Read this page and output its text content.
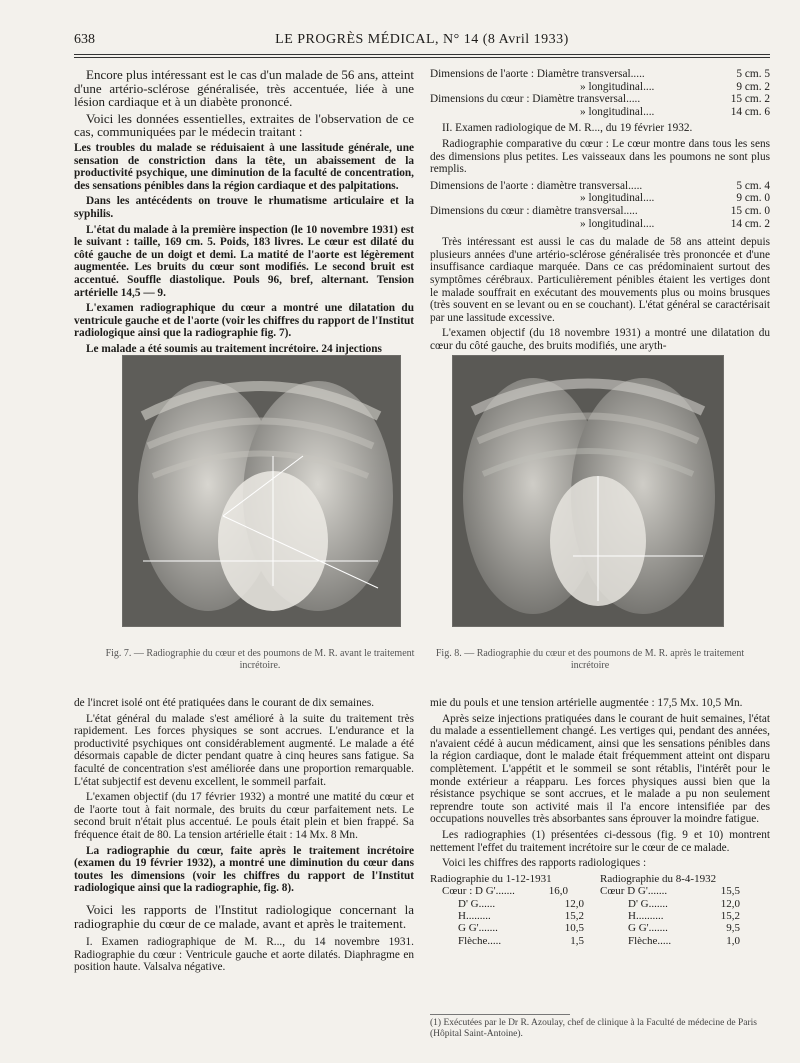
638	LE PROGRÈS MÉDICAL, N° 14 (8 Avril 1933)

Encore plus intéressant est le cas d'un malade de 56 ans, atteint d'une artério-sclérose généralisée, très accentuée, liée à une lésion cardiaque et à un diabète prononcé.

Voici les données essentielles, extraites de l'observation de ce cas, communiquées par le médecin traitant :

Les troubles du malade se réduisaient à une lassitude générale, une sensation de constriction dans la tête, un abaissement de la productivité psychique, une diminution de la faculté de concentration, des sensations pénibles dans la région cardiaque et des palpitations.

Dans les antécédents on trouve le rhumatisme articulaire et la syphilis.

L'état du malade à la première inspection (le 10 novembre 1931) est le suivant : taille, 169 cm. 5. Poids, 183 livres. Le cœur est dilaté du côté gauche de un doigt et demi. La matité de l'aorte est légèrement augmentée. Les bruits du cœur sont modifiés. Le second bruit est accentué. Souffle diastolique. Pouls 96, bref, alternant. Tension artérielle 14,5 — 9.

L'examen radiographique du cœur a montré une dilatation du ventricule gauche et de l'aorte (voir les chiffres du rapport de l'Institut radiologique ainsi que la radiographie fig. 7).

Le malade a été soumis au traitement incrétoire. 24 injections

Dimensions de l'aorte : Diamètre transversal.....	5 cm. 5
» longitudinal....	9 cm. 2
Dimensions du cœur : Diamètre transversal.....	15 cm. 2
» longitudinal....	14 cm. 6

II. Examen radiologique de M. R..., du 19 février 1932.

Radiographie comparative du cœur : Le cœur montre dans tous les sens des dimensions plus petites. Les vaisseaux dans les poumons ne sont plus remplis.

Dimensions de l'aorte : diamètre transversal.....	5 cm. 4
» longitudinal....	9 cm. 0
Dimensions du cœur : diamètre transversal.....	15 cm. 0
» longitudinal....	14 cm. 2

Très intéressant est aussi le cas du malade de 58 ans atteint depuis plusieurs années d'une artério-sclérose généralisée très prononcée et d'une insuffisance cardiaque marquée. Dans ce cas prédominaient surtout des symptômes cérébraux. Particulièrement pénibles étaient les vertiges dont le malade souffrait en exécutant des mouvements plus ou moins brusques (très souvent en se levant ou en se couchant). L'état général se caractérisait par une lassitude excessive.

L'examen objectif (du 18 novembre 1931) a montré une dilatation du cœur du côté gauche, des bruits modifiés, une aryth-

Fig. 7. — Radiographie du cœur et des poumons de M. R. avant le traitement incrétoire.
Fig. 8. — Radiographie du cœur et des poumons de M. R. après le traitement incrétoire

de l'incret isolé ont été pratiquées dans le courant de dix semaines.

L'état général du malade s'est amélioré à la suite du traitement très rapidement. Les forces physiques se sont accrues. L'endurance et la productivité psychiques ont considérablement augmenté. Le malade a été désormais capable de dicter pendant quatre à cinq heures sans fatigue. Sa faculté de concentration s'est améliorée dans une proportion remarquable. L'état subjectif est devenu excellent, le sommeil parfait.

L'examen objectif (du 17 février 1932) a montré une matité du cœur et de l'aorte tout à fait normale, des bruits du cœur parfaitement nets. Le second bruit n'était plus accentué. Le pouls était plein et bien frappé. Sa fréquence était de 80. La tension artérielle était : 14 Mx. 8 Mn.

La radiographie du cœur, faite après le traitement incrétoire (examen du 19 février 1932), a montré une diminution du cœur dans toutes les dimensions (voir les chiffres du rapport de l'Institut radiologique ainsi que la radiographie, fig. 8).

Voici les rapports de l'Institut radiologique concernant la radiographie du cœur de ce malade, avant et après le traitement.

I. Examen radiographique de M. R..., du 14 novembre 1931. Radiographie du cœur : Ventricule gauche et aorte dilatés. Diaphragme en position haute. Valsalva négative.

mie du pouls et une tension artérielle augmentée : 17,5 Mx. 10,5 Mn.

Après seize injections pratiquées dans le courant de huit semaines, l'état du malade a essentiellement changé. Les vertiges qui, pendant des années, n'avaient cédé à aucun médicament, ainsi que les sensations pénibles dans la région cardiaque, dont le malade était fréquemment atteint ont disparu complètement. L'appétit et le sommeil se sont rétablis, l'intérêt pour le monde extérieur a réapparu. Les forces physiques aussi bien que la résistance psychique se sont accrues, et le malade a pu non seulement reprendre toute son activité mais il l'a encore intensifiée par des occupations nouvelles très absorbantes sans éprouver la moindre fatigue.

Les radiographies (1) présentées ci-dessous (fig. 9 et 10) montrent nettement l'effet du traitement incrétoire sur le cœur de ce malade.

Voici les chiffres des rapports radiologiques :

Radiographie du 1-12-1931
Cœur : D G'.......	16,0
D' G......	12,0
H.........	15,2
G G'.......	10,5
Flèche.....	1,5
Radiographie du 8-4-1932
Cœur D G'.......	15,5
D' G.......	12,0
H..........	15,2
G G'.......	9,5
Flèche.....	1,0
(1) Exécutées par le Dr R. Azoulay, chef de clinique à la Faculté de médecine de Paris (Hôpital Saint-Antoine).
